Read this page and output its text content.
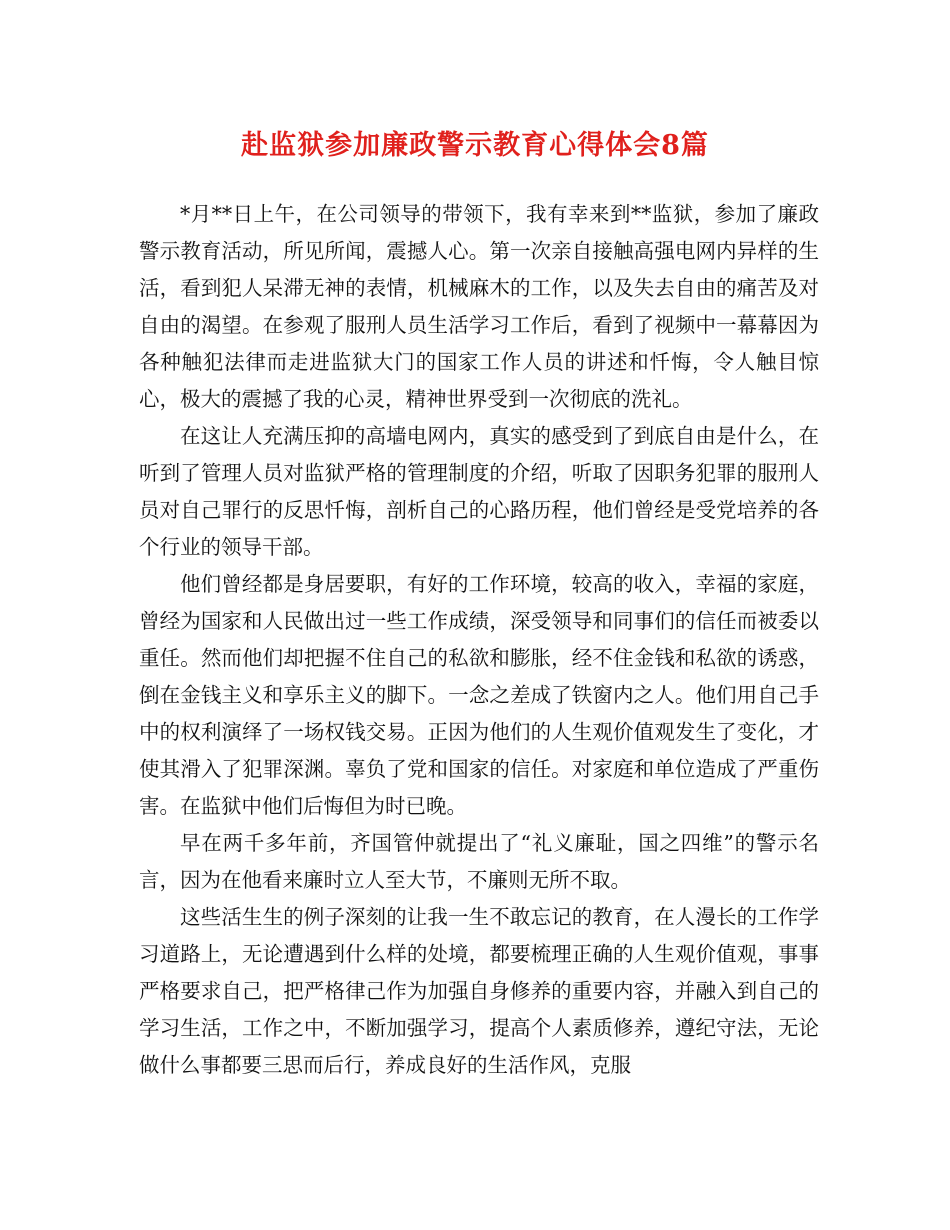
赴监狱参加廉政警示教育心得体会8篇

*月**日上午，在公司领导的带领下，我有幸来到**监狱，参加了廉政警示教育活动，所见所闻，震撼人心。第一次亲自接触高强电网内异样的生活，看到犯人呆滞无神的表情，机械麻木的工作，以及失去自由的痛苦及对自由的渴望。在参观了服刑人员生活学习工作后，看到了视频中一幕幕因为各种触犯法律而走进监狱大门的国家工作人员的讲述和忏悔，令人触目惊心，极大的震撼了我的心灵，精神世界受到一次彻底的洗礼。

在这让人充满压抑的高墙电网内，真实的感受到了到底自由是什么，在听到了管理人员对监狱严格的管理制度的介绍，听取了因职务犯罪的服刑人员对自己罪行的反思忏悔，剖析自己的心路历程，他们曾经是受党培养的各个行业的领导干部。

他们曾经都是身居要职，有好的工作环境，较高的收入，幸福的家庭，曾经为国家和人民做出过一些工作成绩，深受领导和同事们的信任而被委以重任。然而他们却把握不住自己的私欲和膨胀，经不住金钱和私欲的诱惑，倒在金钱主义和享乐主义的脚下。一念之差成了铁窗内之人。他们用自己手中的权利演绎了一场权钱交易。正因为他们的人生观价值观发生了变化，才使其滑入了犯罪深渊。辜负了党和国家的信任。对家庭和单位造成了严重伤害。在监狱中他们后悔但为时已晚。

早在两千多年前，齐国管仲就提出了“礼义廉耻，国之四维”的警示名言，因为在他看来廉时立人至大节，不廉则无所不取。

这些活生生的例子深刻的让我一生不敢忘记的教育，在人漫长的工作学习道路上，无论遭遇到什么样的处境，都要梳理正确的人生观价值观，事事严格要求自己，把严格律己作为加强自身修养的重要内容，并融入到自己的学习生活，工作之中，不断加强学习，提高个人素质修养，遵纪守法，无论做什么事都要三思而后行，养成良好的生活作风，克服
